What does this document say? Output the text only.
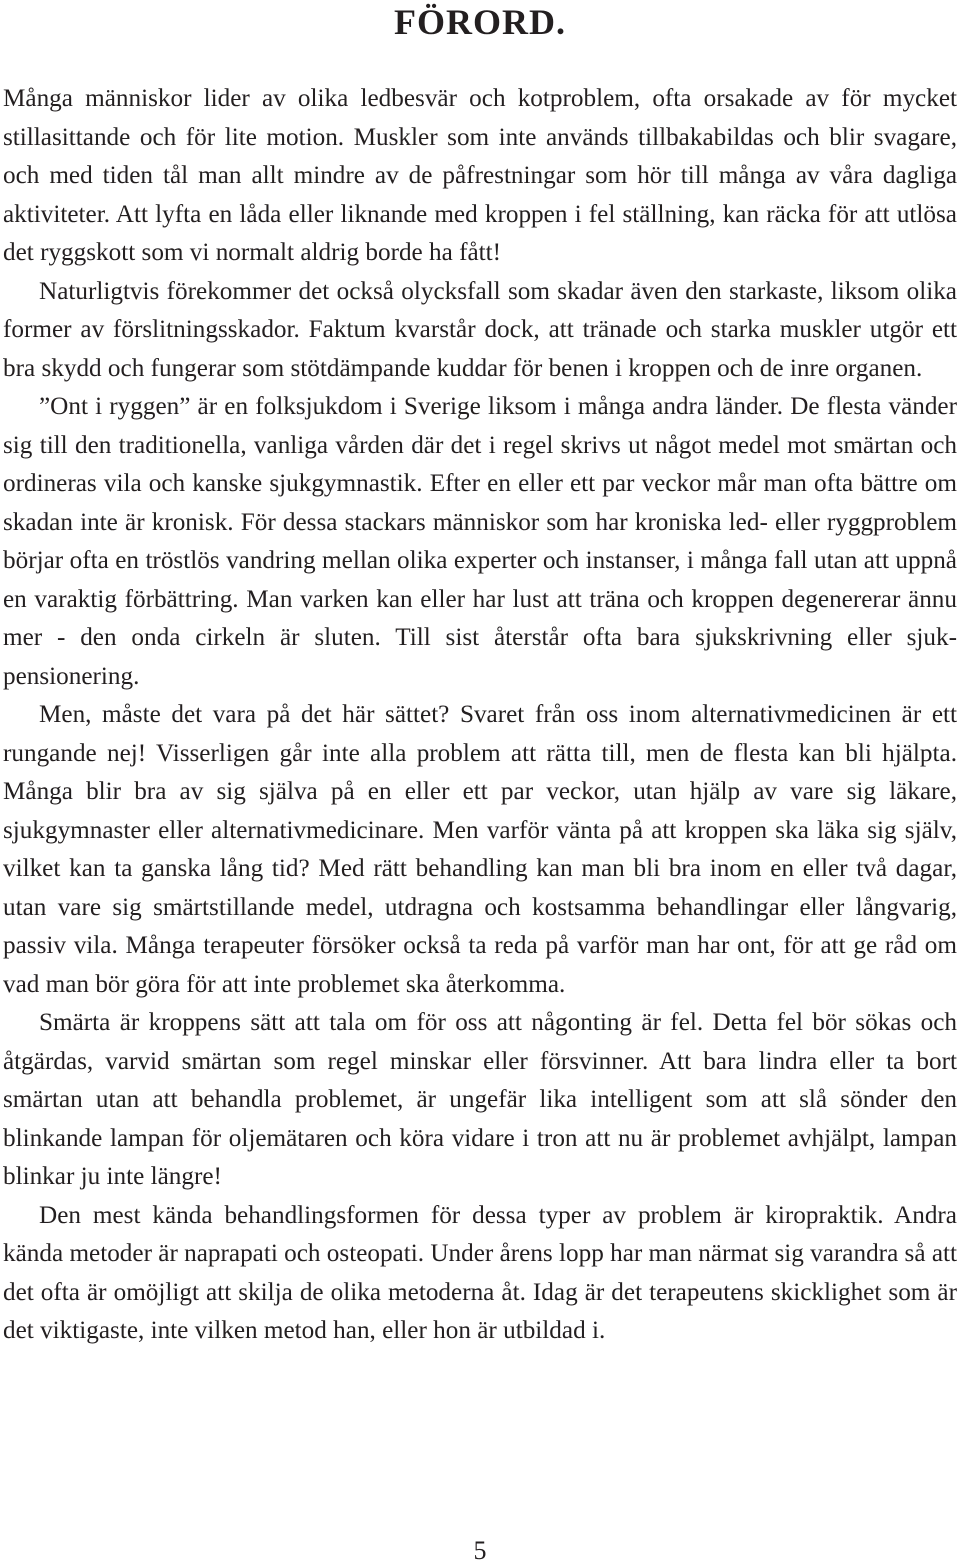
FÖRORD.

Många människor lider av olika ledbesvär och kotproblem, ofta orsakade av för mycket stillasittande och för lite motion. Muskler som inte används tillbakabildas och blir svagare, och med tiden tål man allt mindre av de påfrestningar som hör till många av våra dagliga aktiviteter. Att lyfta en låda eller liknande med kroppen i fel ställning, kan räcka för att utlösa det ryggskott som vi normalt aldrig borde ha fått!

Naturligtvis förekommer det också olycksfall som skadar även den starkaste, liksom olika former av förslitningsskador. Faktum kvarstår dock, att tränade och starka muskler utgör ett bra skydd och fungerar som stötdämpande kuddar för benen i kroppen och de inre organen.

”Ont i ryggen” är en folksjukdom i Sverige liksom i många andra länder. De flesta vänder sig till den traditionella, vanliga vården där det i regel skrivs ut något medel mot smärtan och ordineras vila och kanske sjukgymnastik. Efter en eller ett par veckor mår man ofta bättre om skadan inte är kronisk. För dessa stackars människor som har kroniska led- eller ryggproblem börjar ofta en tröstlös vandring mellan olika experter och instanser, i många fall utan att uppnå en varaktig förbättring. Man varken kan eller har lust att träna och kroppen degenererar ännu mer - den onda cirkeln är sluten. Till sist återstår ofta bara sjukskrivning eller sjukpensionering.

Men, måste det vara på det här sättet? Svaret från oss inom alternativmedicinen är ett rungande nej! Visserligen går inte alla problem att rätta till, men de flesta kan bli hjälpta. Många blir bra av sig själva på en eller ett par veckor, utan hjälp av vare sig läkare, sjukgymnaster eller alternativmedicinare. Men varför vänta på att kroppen ska läka sig själv, vilket kan ta ganska lång tid? Med rätt behandling kan man bli bra inom en eller två dagar, utan vare sig smärtstillande medel, utdragna och kostsamma behandlingar eller långvarig, passiv vila. Många terapeuter försöker också ta reda på varför man har ont, för att ge råd om vad man bör göra för att inte problemet ska återkomma.

Smärta är kroppens sätt att tala om för oss att någonting är fel. Detta fel bör sökas och åtgärdas, varvid smärtan som regel minskar eller försvinner. Att bara lindra eller ta bort smärtan utan att behandla problemet, är ungefär lika intelligent som att slå sönder den blinkande lampan för oljemätaren och köra vidare i tron att nu är problemet avhjälpt, lampan blinkar ju inte längre!

Den mest kända behandlingsformen för dessa typer av problem är kiropraktik. Andra kända metoder är naprapati och osteopati. Under årens lopp har man närmat sig varandra så att det ofta är omöjligt att skilja de olika metoderna åt. Idag är det terapeutens skicklighet som är det viktigaste, inte vilken metod han, eller hon är utbildad i.

5
